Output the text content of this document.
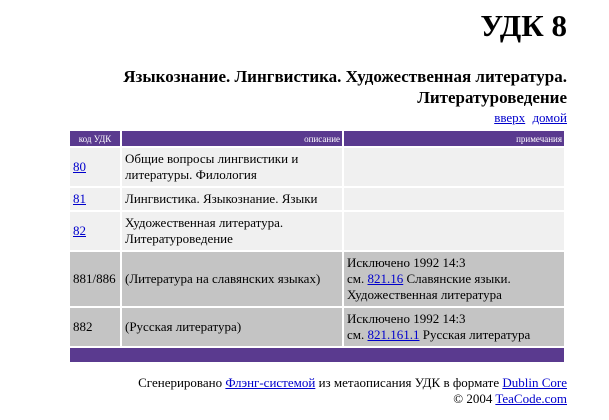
УДК 8
Языкознание. Лингвистика. Художественная литература. Литературоведение
вверх домой
код УДК	описание	примечания
80	Общие вопросы лингвистики и литературы. Филология	
81	Лингвистика. Языкознание. Языки	
82	Художественная литература. Литературоведение	
881/886	(Литература на славянских языках)	Исключено 1992 14:3
см. 821.16 Славянские языки. Художественная литература
882	(Русская литература)	Исключено 1992 14:3
см. 821.161.1 Русская литература

Сгенерировано Флэнг-системой из метаописания УДК в формате Dublin Core
© 2004 TeaCode.com
